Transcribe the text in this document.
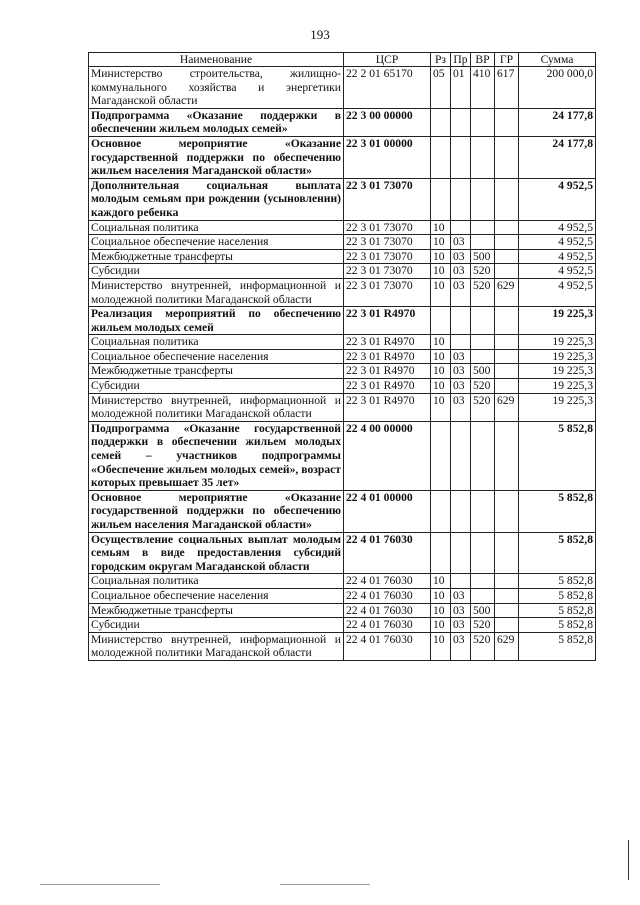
193
Наименование	ЦСР	Рз	Пр	ВР	ГР	Сумма
Министерство строительства, жилищно-коммунального хозяйства и энергетики Магаданской области	22 2 01 65170	05	01	410	617	200 000,0
Подпрограмма «Оказание поддержки в обеспечении жильем молодых семей»	22 3 00 00000					24 177,8
Основное мероприятие «Оказание государственной поддержки по обеспечению жильем населения Магаданской области»	22 3 01 00000					24 177,8
Дополнительная социальная выплата молодым семьям при рождении (усыновлении) каждого ребенка	22 3 01 73070					4 952,5
Социальная политика	22 3 01 73070	10				4 952,5
Социальное обеспечение населения	22 3 01 73070	10	03			4 952,5
Межбюджетные трансферты	22 3 01 73070	10	03	500		4 952,5
Субсидии	22 3 01 73070	10	03	520		4 952,5
Министерство внутренней, информационной и молодежной политики Магаданской области	22 3 01 73070	10	03	520	629	4 952,5
Реализация мероприятий по обеспечению жильем молодых семей	22 3 01 R4970					19 225,3
Социальная политика	22 3 01 R4970	10				19 225,3
Социальное обеспечение населения	22 3 01 R4970	10	03			19 225,3
Межбюджетные трансферты	22 3 01 R4970	10	03	500		19 225,3
Субсидии	22 3 01 R4970	10	03	520		19 225,3
Министерство внутренней, информационной и молодежной политики Магаданской области	22 3 01 R4970	10	03	520	629	19 225,3
Подпрограмма «Оказание государственной поддержки в обеспечении жильем молодых семей – участников подпрограммы «Обеспечение жильем молодых семей», возраст которых превышает 35 лет»	22 4 00 00000					5 852,8
Основное мероприятие «Оказание государственной поддержки по обеспечению жильем населения Магаданской области»	22 4 01 00000					5 852,8
Осуществление социальных выплат молодым семьям в виде предоставления субсидий городским округам Магаданской области	22 4 01 76030					5 852,8
Социальная политика	22 4 01 76030	10				5 852,8
Социальное обеспечение населения	22 4 01 76030	10	03			5 852,8
Межбюджетные трансферты	22 4 01 76030	10	03	500		5 852,8
Субсидии	22 4 01 76030	10	03	520		5 852,8
Министерство внутренней, информационной и молодежной политики Магаданской области	22 4 01 76030	10	03	520	629	5 852,8
